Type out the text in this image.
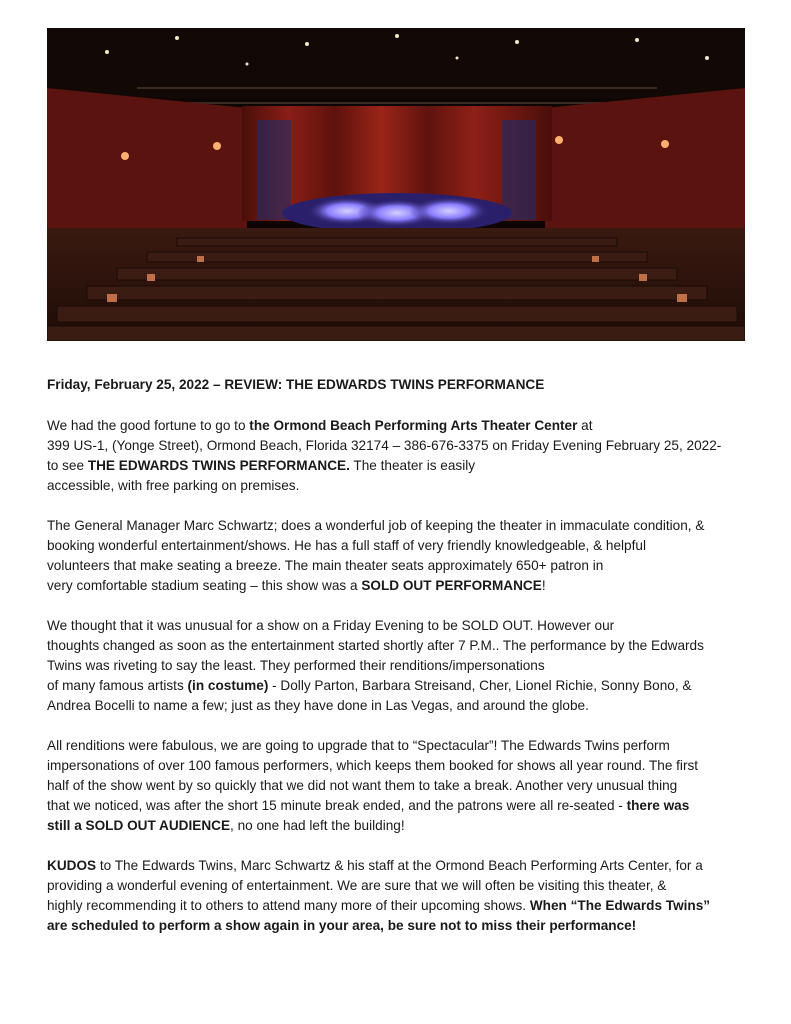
Friday, February 25, 2022 – REVIEW: THE EDWARDS TWINS PERFORMANCE

We had the good fortune to go to the Ormond Beach Performing Arts Theater Center at
399 US-1, (Yonge Street), Ormond Beach, Florida 32174 – 386-676-3375 on Friday Evening February 25, 2022-
to see THE EDWARDS TWINS PERFORMANCE. The theater is easily
accessible, with free parking on premises.

The General Manager Marc Schwartz; does a wonderful job of keeping the theater in immaculate condition, &
booking wonderful entertainment/shows. He has a full staff of very friendly knowledgeable, & helpful
volunteers that make seating a breeze. The main theater seats approximately 650+ patron in
very comfortable stadium seating – this show was a SOLD OUT PERFORMANCE!

We thought that it was unusual for a show on a Friday Evening to be SOLD OUT. However our
thoughts changed as soon as the entertainment started shortly after 7 P.M.. The performance by the Edwards
Twins was riveting to say the least. They performed their renditions/impersonations
of many famous artists (in costume) - Dolly Parton, Barbara Streisand, Cher, Lionel Richie, Sonny Bono, &
Andrea Bocelli to name a few; just as they have done in Las Vegas, and around the globe.

All renditions were fabulous, we are going to upgrade that to “Spectacular”! The Edwards Twins perform
impersonations of over 100 famous performers, which keeps them booked for shows all year round. The first
half of the show went by so quickly that we did not want them to take a break. Another very unusual thing
that we noticed, was after the short 15 minute break ended, and the patrons were all re-seated - there was
still a SOLD OUT AUDIENCE, no one had left the building!

KUDOS to The Edwards Twins, Marc Schwartz & his staff at the Ormond Beach Performing Arts Center, for a
providing a wonderful evening of entertainment. We are sure that we will often be visiting this theater, &
highly recommending it to others to attend many more of their upcoming shows. When “The Edwards Twins”
are scheduled to perform a show again in your area, be sure not to miss their performance!
